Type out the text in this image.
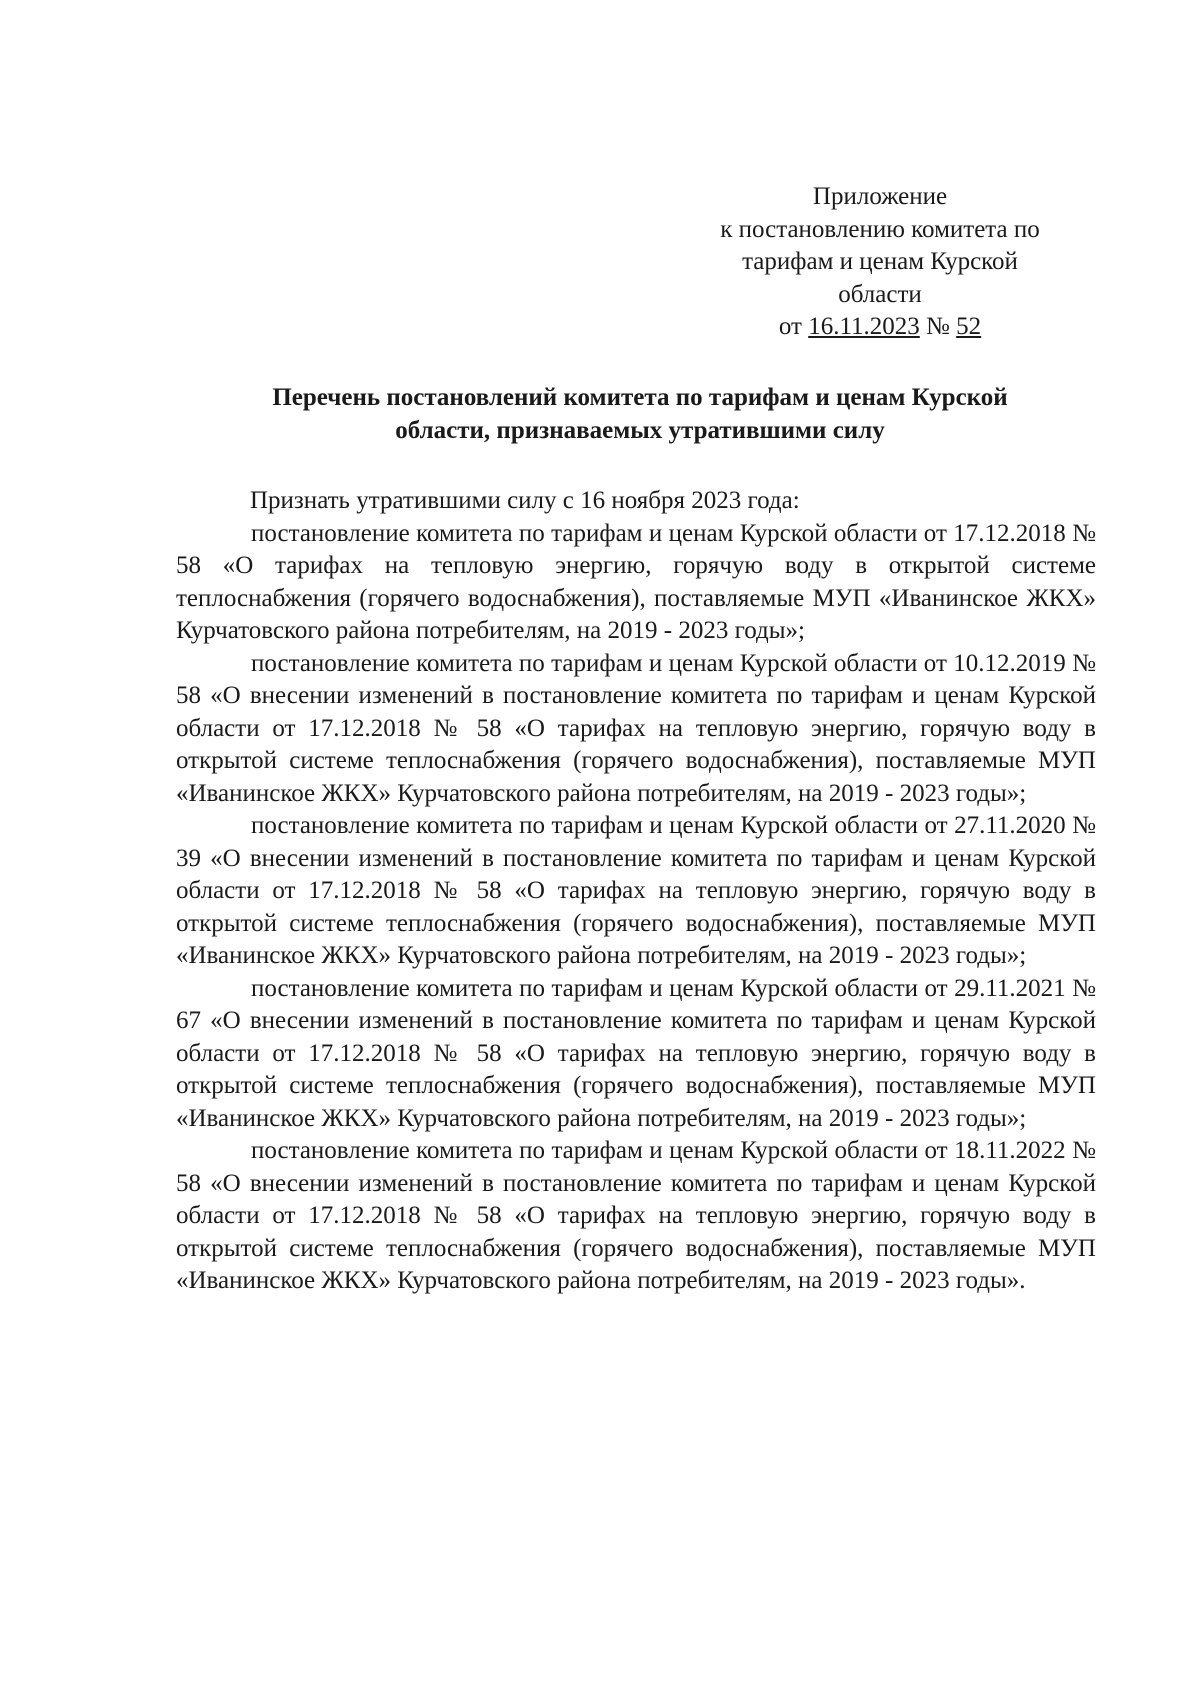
Приложение
к постановлению комитета по
тарифам и ценам Курской
области
от 16.11.2023 № 52
Перечень постановлений комитета по тарифам и ценам Курской
области, признаваемых утратившими силу
Признать утратившими силу с 16 ноября 2023 года:

постановление комитета по тарифам и ценам Курской области от 17.12.2018 № 58 «О тарифах на тепловую энергию, горячую воду в открытой системе теплоснабжения (горячего водоснабжения), поставляемые МУП «Иванинское ЖКХ» Курчатовского района потребителям, на 2019 - 2023 годы»;

постановление комитета по тарифам и ценам Курской области от 10.12.2019 № 58 «О внесении изменений в постановление комитета по тарифам и ценам Курской области от 17.12.2018 № 58 «О тарифах на тепловую энергию, горячую воду в открытой системе теплоснабжения (горячего водоснабжения), поставляемые МУП «Иванинское ЖКХ» Курчатовского района потребителям, на 2019 - 2023 годы»;

постановление комитета по тарифам и ценам Курской области от 27.11.2020 № 39 «О внесении изменений в постановление комитета по тарифам и ценам Курской области от 17.12.2018 № 58 «О тарифах на тепловую энергию, горячую воду в открытой системе теплоснабжения (горячего водоснабжения), поставляемые МУП «Иванинское ЖКХ» Курчатовского района потребителям, на 2019 - 2023 годы»;

постановление комитета по тарифам и ценам Курской области от 29.11.2021 № 67 «О внесении изменений в постановление комитета по тарифам и ценам Курской области от 17.12.2018 № 58 «О тарифах на тепловую энергию, горячую воду в открытой системе теплоснабжения (горячего водоснабжения), поставляемые МУП «Иванинское ЖКХ» Курчатовского района потребителям, на 2019 - 2023 годы»;

постановление комитета по тарифам и ценам Курской области от 18.11.2022 № 58 «О внесении изменений в постановление комитета по тарифам и ценам Курской области от 17.12.2018 № 58 «О тарифах на тепловую энергию, горячую воду в открытой системе теплоснабжения (горячего водоснабжения), поставляемые МУП «Иванинское ЖКХ» Курчатовского района потребителям, на 2019 - 2023 годы».
